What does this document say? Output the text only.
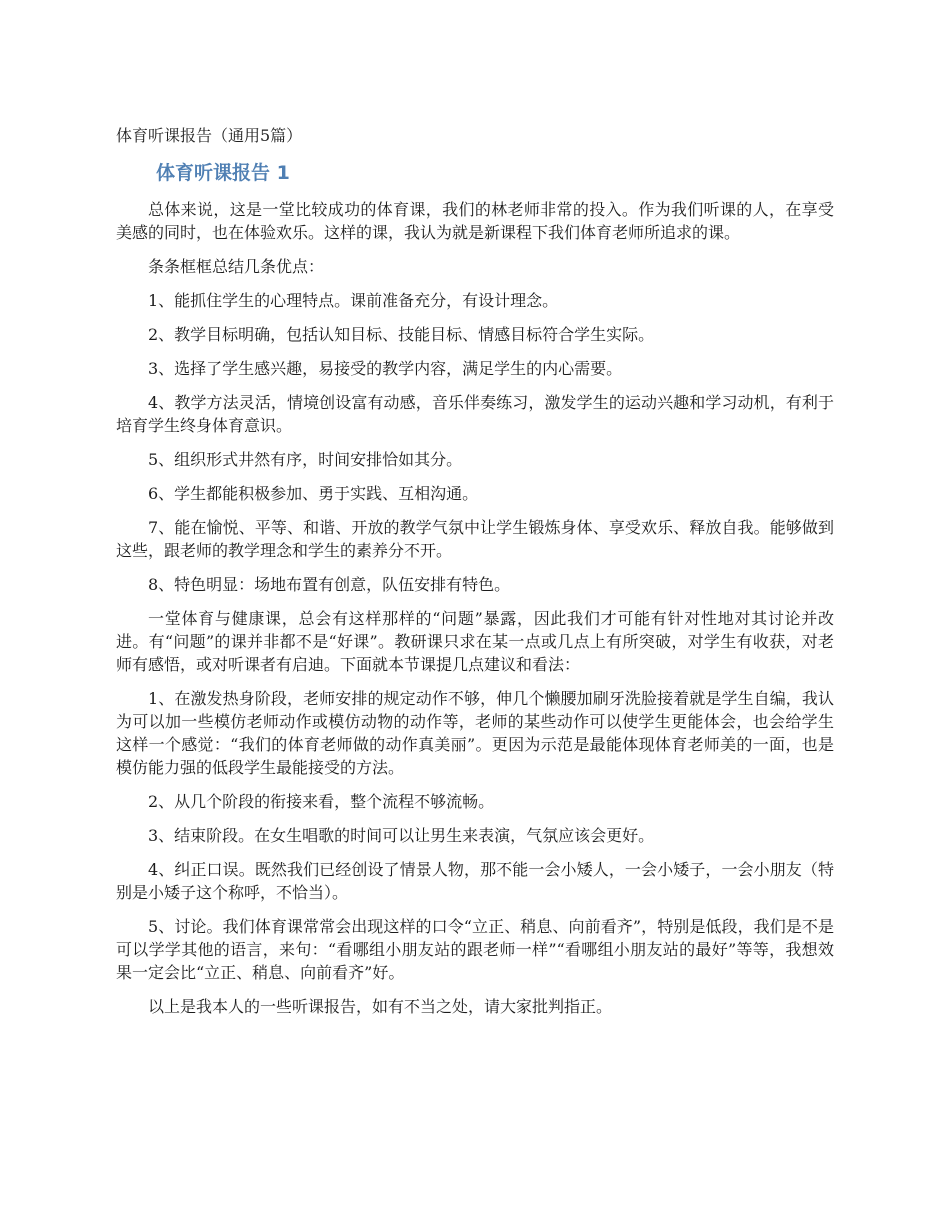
体育听课报告（通用5篇）
体育听课报告 1
总体来说，这是一堂比较成功的体育课，我们的林老师非常的投入。作为我们听课的人，在享受美感的同时，也在体验欢乐。这样的课，我认为就是新课程下我们体育老师所追求的课。
条条框框总结几条优点：
1、能抓住学生的心理特点。课前准备充分，有设计理念。
2、教学目标明确，包括认知目标、技能目标、情感目标符合学生实际。
3、选择了学生感兴趣，易接受的教学内容，满足学生的内心需要。
4、教学方法灵活，情境创设富有动感，音乐伴奏练习，激发学生的运动兴趣和学习动机，有利于培育学生终身体育意识。
5、组织形式井然有序，时间安排恰如其分。
6、学生都能积极参加、勇于实践、互相沟通。
7、能在愉悦、平等、和谐、开放的教学气氛中让学生锻炼身体、享受欢乐、释放自我。能够做到这些，跟老师的教学理念和学生的素养分不开。
8、特色明显：场地布置有创意，队伍安排有特色。
一堂体育与健康课，总会有这样那样的“问题”暴露，因此我们才可能有针对性地对其讨论并改进。有“问题”的课并非都不是“好课”。教研课只求在某一点或几点上有所突破，对学生有收获，对老师有感悟，或对听课者有启迪。下面就本节课提几点建议和看法：
1、在激发热身阶段，老师安排的规定动作不够，伸几个懒腰加刷牙洗脸接着就是学生自编，我认为可以加一些模仿老师动作或模仿动物的动作等，老师的某些动作可以使学生更能体会，也会给学生这样一个感觉：“我们的体育老师做的动作真美丽”。更因为示范是最能体现体育老师美的一面，也是模仿能力强的低段学生最能接受的方法。
2、从几个阶段的衔接来看，整个流程不够流畅。
3、结束阶段。在女生唱歌的时间可以让男生来表演，气氛应该会更好。
4、纠正口误。既然我们已经创设了情景人物，那不能一会小矮人，一会小矮子，一会小朋友（特别是小矮子这个称呼，不恰当）。
5、讨论。我们体育课常常会出现这样的口令“立正、稍息、向前看齐”，特别是低段，我们是不是可以学学其他的语言，来句：“看哪组小朋友站的跟老师一样”“看哪组小朋友站的最好”等等，我想效果一定会比“立正、稍息、向前看齐”好。
以上是我本人的一些听课报告，如有不当之处，请大家批判指正。
